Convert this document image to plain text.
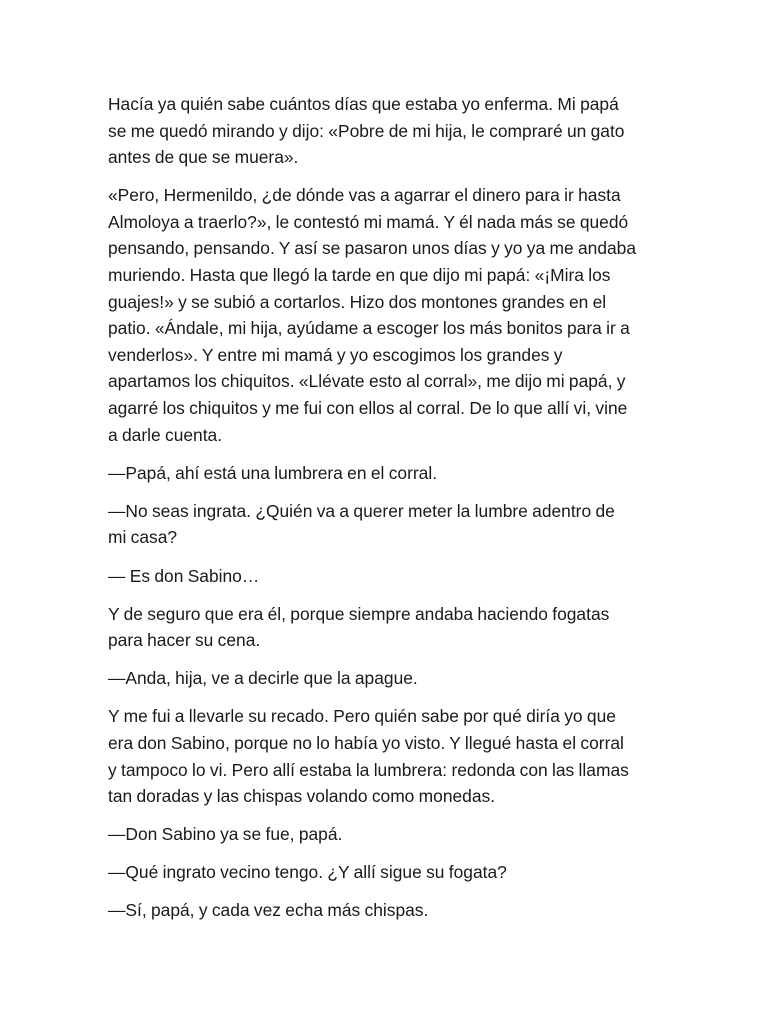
Hacía ya quién sabe cuántos días que estaba yo enferma. Mi papá
se me quedó mirando y dijo: «Pobre de mi hija, le compraré un gato
antes de que se muera».

«Pero, Hermenildo, ¿de dónde vas a agarrar el dinero para ir hasta
Almoloya a traerlo?», le contestó mi mamá. Y él nada más se quedó
pensando, pensando. Y así se pasaron unos días y yo ya me andaba
muriendo. Hasta que llegó la tarde en que dijo mi papá: «¡Mira los
guajes!» y se subió a cortarlos. Hizo dos montones grandes en el
patio. «Ándale, mi hija, ayúdame a escoger los más bonitos para ir a
venderlos». Y entre mi mamá y yo escogimos los grandes y
apartamos los chiquitos. «Llévate esto al corral», me dijo mi papá, y
agarré los chiquitos y me fui con ellos al corral. De lo que allí vi, vine
a darle cuenta.

—Papá, ahí está una lumbrera en el corral.

—No seas ingrata. ¿Quién va a querer meter la lumbre adentro de
mi casa?

— Es don Sabino…

Y de seguro que era él, porque siempre andaba haciendo fogatas
para hacer su cena.

—Anda, hija, ve a decirle que la apague.

Y me fui a llevarle su recado. Pero quién sabe por qué diría yo que
era don Sabino, porque no lo había yo visto. Y llegué hasta el corral
y tampoco lo vi. Pero allí estaba la lumbrera: redonda con las llamas
tan doradas y las chispas volando como monedas.

—Don Sabino ya se fue, papá.

—Qué ingrato vecino tengo. ¿Y allí sigue su fogata?

—Sí, papá, y cada vez echa más chispas.
